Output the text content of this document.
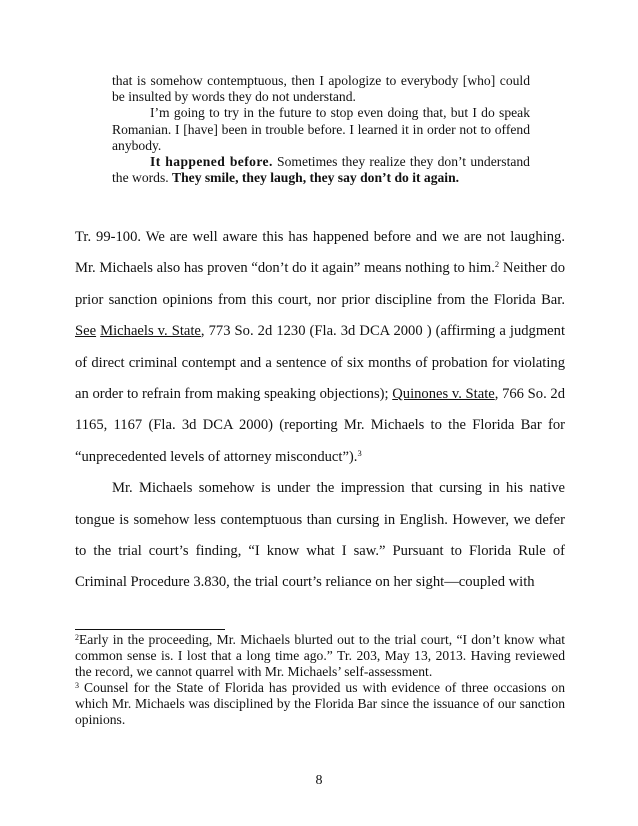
that is somehow contemptuous, then I apologize to everybody [who] could be insulted by words they do not understand.

I’m going to try in the future to stop even doing that, but I do speak Romanian. I [have] been in trouble before. I learned it in order not to offend anybody.

It happened before. Sometimes they realize they don’t understand the words. They smile, they laugh, they say don’t do it again.

Tr. 99-100. We are well aware this has happened before and we are not laughing. Mr. Michaels also has proven “don’t do it again” means nothing to him.$^2$ Neither do prior sanction opinions from this court, nor prior discipline from the Florida Bar. See Michaels v. State, 773 So. 2d 1230 (Fla. 3d DCA 2000 ) (affirming a judgment of direct criminal contempt and a sentence of six months of probation for violating an order to refrain from making speaking objections); Quinones v. State, 766 So. 2d 1165, 1167 (Fla. 3d DCA 2000) (reporting Mr. Michaels to the Florida Bar for “unprecedented levels of attorney misconduct”).$^3$

Mr. Michaels somehow is under the impression that cursing in his native tongue is somehow less contemptuous than cursing in English. However, we defer to the trial court’s finding, “I know what I saw.” Pursuant to Florida Rule of Criminal Procedure 3.830, the trial court’s reliance on her sight—coupled with

$^2$Early in the proceeding, Mr. Michaels blurted out to the trial court, “I don’t know what common sense is. I lost that a long time ago.” Tr. 203, May 13, 2013. Having reviewed the record, we cannot quarrel with Mr. Michaels’ self-assessment.

$^3$ Counsel for the State of Florida has provided us with evidence of three occasions on which Mr. Michaels was disciplined by the Florida Bar since the issuance of our sanction opinions.

8
